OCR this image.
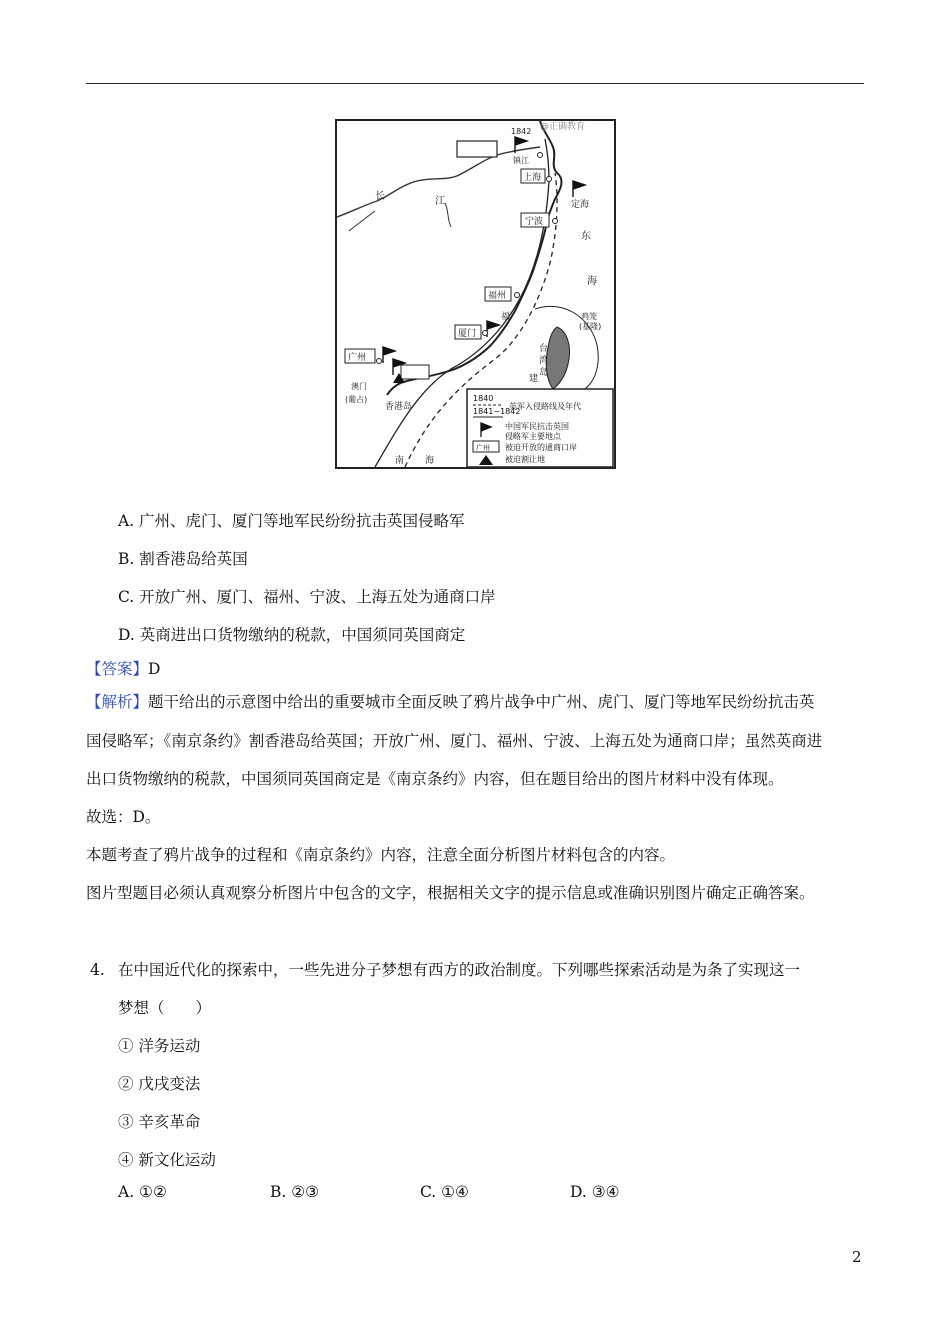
@正确教育
1842
镇江
上海
宁波
福州
厦门
广州
定海
香港岛
澳门
(葡占)
长	江
东
海
鸡笼
(基隆)
台
湾
岛
福
建
南 海
1840
1841~1842
英军入侵路线及年代
中国军民抗击英国
侵略军主要地点
广州 被迫开放的通商口岸
被迫割让地
A. 广州、虎门、厦门等地军民纷纷抗击英国侵略军
B. 割香港岛给英国
C. 开放广州、厦门、福州、宁波、上海五处为通商口岸
D. 英商进出口货物缴纳的税款，中国须同英国商定
【答案】D
【解析】题干给出的示意图中给出的重要城市全面反映了鸦片战争中广州、虎门、厦门等地军民纷纷抗击英
国侵略军；《南京条约》割香港岛给英国；开放广州、厦门、福州、宁波、上海五处为通商口岸；虽然英商进
出口货物缴纳的税款，中国须同英国商定是《南京条约》内容，但在题目给出的图片材料中没有体现。
故选：D。
本题考查了鸦片战争的过程和《南京条约》内容，注意全面分析图片材料包含的内容。
图片型题目必须认真观察分析图片中包含的文字，根据相关文字的提示信息或准确识别图片确定正确答案。
4. 在中国近代化的探索中，一些先进分子梦想有西方的政治制度。下列哪些探索活动是为条了实现这一
梦想（　　）
① 洋务运动
② 戊戌变法
③ 辛亥革命
④ 新文化运动
A. ①②	B. ②③	C. ①④	D. ③④
2
